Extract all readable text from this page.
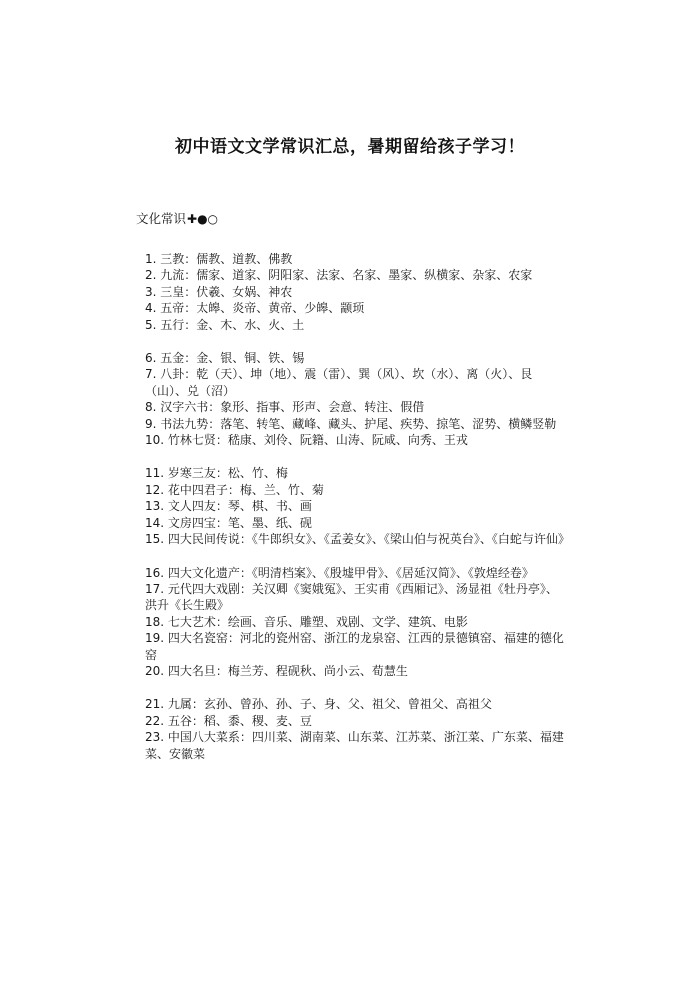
初中语文文学常识汇总，暑期留给孩子学习！
文化常识✚●○

1. 三教：儒教、道教、佛教

2. 九流：儒家、道家、阴阳家、法家、名家、墨家、纵横家、杂家、农家

3. 三皇：伏羲、女娲、神农

4. 五帝：太皞、炎帝、黄帝、少皞、颛顼

5. 五行：金、木、水、火、土

6. 五金：金、银、铜、铁、锡

7. 八卦：乾（天）、坤（地）、震（雷）、巽（风）、坎（水）、离（火）、艮（山）、兑（沼）

8. 汉字六书：象形、指事、形声、会意、转注、假借

9. 书法九势：落笔、转笔、藏峰、藏头、护尾、疾势、掠笔、涩势、横鳞竖勒

10. 竹林七贤：嵇康、刘伶、阮籍、山涛、阮咸、向秀、王戎

11. 岁寒三友：松、竹、梅

12. 花中四君子：梅、兰、竹、菊

13. 文人四友：琴、棋、书、画

14. 文房四宝：笔、墨、纸、砚

15. 四大民间传说：《牛郎织女》、《孟姜女》、《梁山伯与祝英台》、《白蛇与许仙》

16. 四大文化遗产：《明清档案》、《殷墟甲骨》、《居延汉简》、《敦煌经卷》

17. 元代四大戏剧：关汉卿《窦娥冤》、王实甫《西厢记》、汤显祖《牡丹亭》、洪升《长生殿》

18. 七大艺术：绘画、音乐、雕塑、戏剧、文学、建筑、电影

19. 四大名瓷窑：河北的瓷州窑、浙江的龙泉窑、江西的景德镇窑、福建的德化窑

20. 四大名旦：梅兰芳、程砚秋、尚小云、荀慧生

21. 九属：玄孙、曾孙、孙、子、身、父、祖父、曾祖父、高祖父

22. 五谷：稻、黍、稷、麦、豆

23. 中国八大菜系：四川菜、湖南菜、山东菜、江苏菜、浙江菜、广东菜、福建菜、安徽菜
